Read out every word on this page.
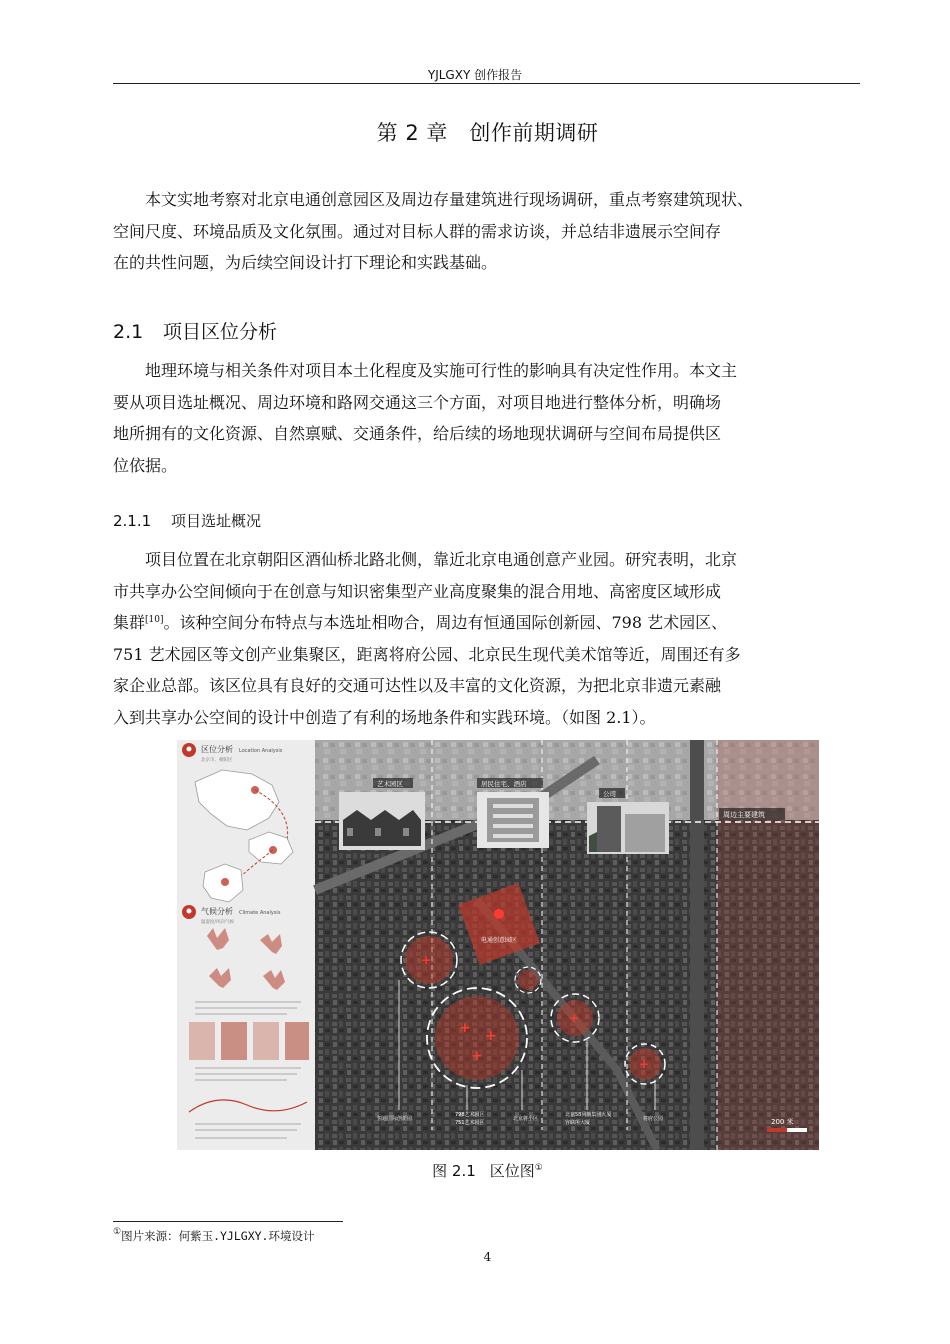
YJLGXY 创作报告
第 2 章　创作前期调研
　　本文实地考察对北京电通创意园区及周边存量建筑进行现场调研，重点考察建筑现状、
空间尺度、环境品质及文化氛围。通过对目标人群的需求访谈，并总结非遗展示空间存
在的共性问题，为后续空间设计打下理论和实践基础。
2.1 项目区位分析
　　地理环境与相关条件对项目本土化程度及实施可行性的影响具有决定性作用。本文主
要从项目选址概况、周边环境和路网交通这三个方面，对项目地进行整体分析，明确场
地所拥有的文化资源、自然禀赋、交通条件，给后续的场地现状调研与空间布局提供区
位依据。
2.1.1 项目选址概况
　　项目位置在北京朝阳区酒仙桥北路北侧，靠近北京电通创意产业园。研究表明，北京
市共享办公空间倾向于在创意与知识密集型产业高度聚集的混合用地、高密度区域形成
集群[10]。该种空间分布特点与本选址相吻合，周边有恒通国际创新园、798 艺术园区、
751 艺术园区等文创产业集聚区，距离将府公园、北京民生现代美术馆等近，周围还有多
家企业总部。该区位具有良好的交通可达性以及丰富的文化资源，为把北京非遗元素融
入到共享办公空间的设计中创造了有利的场地条件和实践环境。（如图 2.1）。
区位分析 Location Analysis
北京市、朝阳区
气候分析 Climate Analysis
温湿度/风向气候
艺术园区	居民住宅、酒店
公司
周边主要建筑
电通创意园区
+
+ +
+
+
+
恒通国际创新园
798艺术园区
751艺术园区
北京将小区
北京58同城集团大厦
容联所大厦
将府公园	200 米
图 2.1 区位图①
①图片来源：何紫玉.YJLGXY.环境设计
4
